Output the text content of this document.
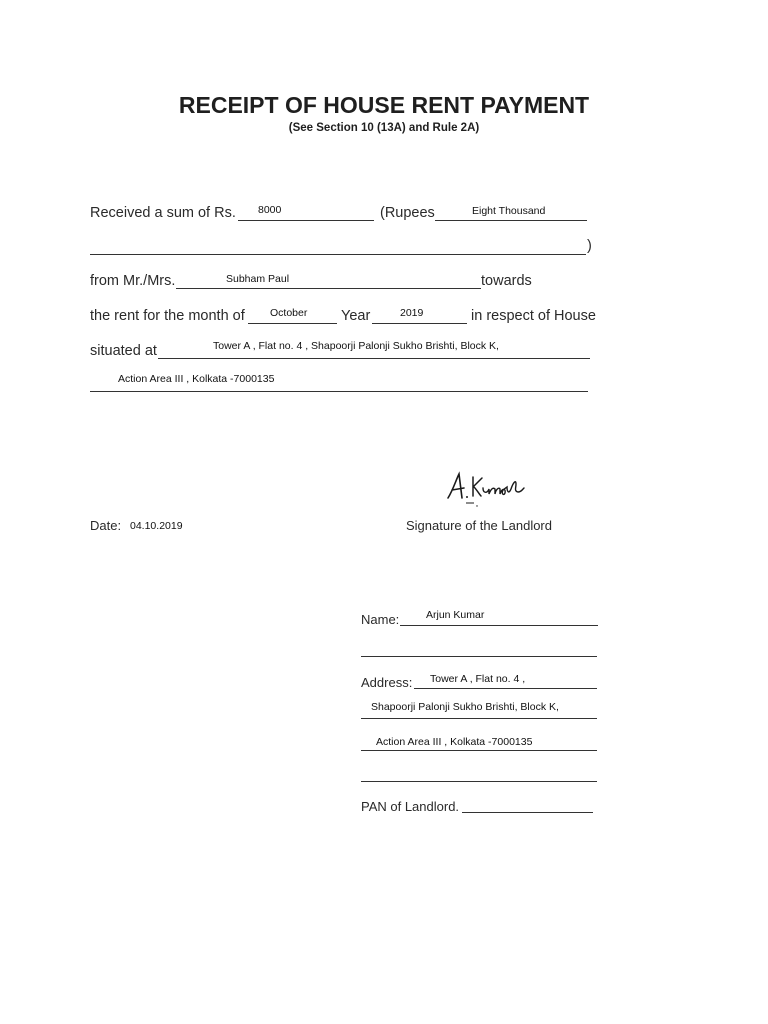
RECEIPT OF HOUSE RENT PAYMENT
(See Section 10 (13A) and Rule 2A)
Received a sum of Rs. 8000	(Rupees	Eight Thousand
)
from Mr./Mrs.	Subham Paul	towards
the rent for the month of October Year	2019	in respect of House
situated at	Tower A , Flat no. 4 , Shapoorji Palonji Sukho Brishti, Block K,
Action Area III , Kolkata -7000135
Date: 04.10.2019	Signature of the Landlord
Name:	Arjun Kumar
Address: Tower A , Flat no. 4 ,
Shapoorji Palonji Sukho Brishti, Block K,
Action Area III , Kolkata -7000135
PAN of Landlord.
